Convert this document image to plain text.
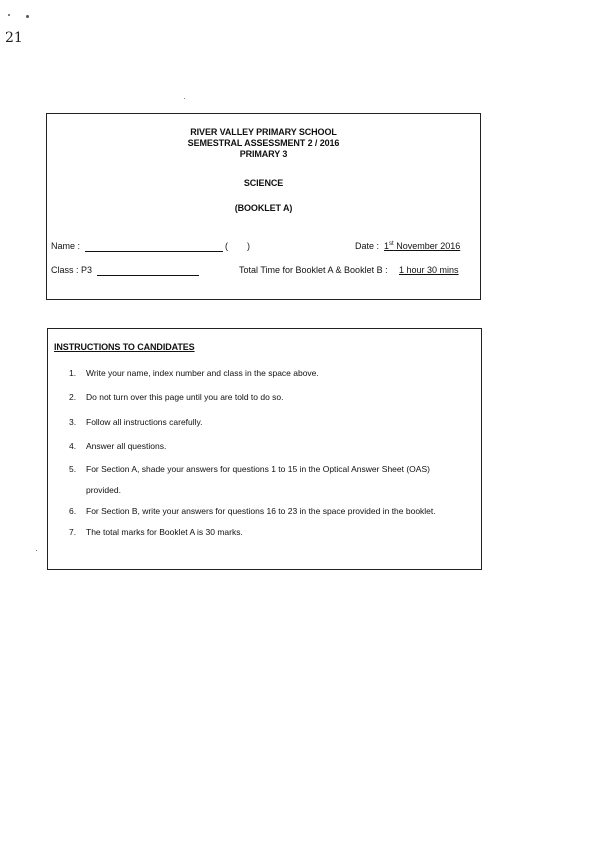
21
RIVER VALLEY PRIMARY SCHOOL
SEMESTRAL ASSESSMENT 2 / 2016
PRIMARY 3
SCIENCE
(BOOKLET A)
Name :	( )	Date : 1st November 2016
Class : P3	Total Time for Booklet A & Booklet B : 1 hour 30 mins
INSTRUCTIONS TO CANDIDATES
1. Write your name, index number and class in the space above.
2. Do not turn over this page until you are told to do so.
3. Follow all instructions carefully.
4. Answer all questions.
5. For Section A, shade your answers for questions 1 to 15 in the Optical Answer Sheet (OAS)
provided.
6. For Section B, write your answers for questions 16 to 23 in the space provided in the booklet.
7. The total marks for Booklet A is 30 marks.
